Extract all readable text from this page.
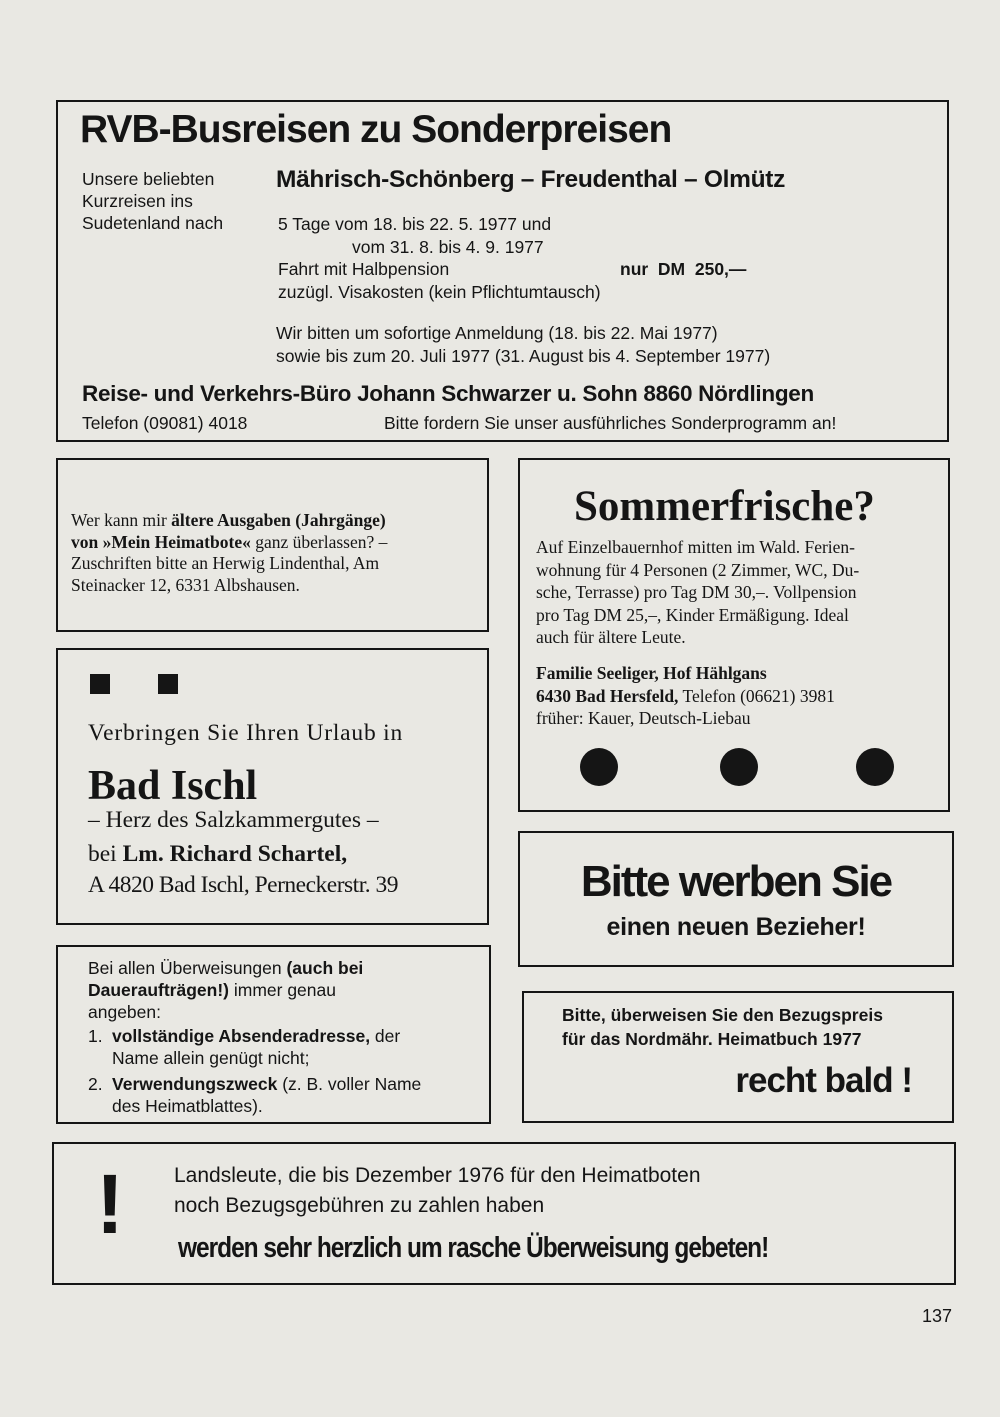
RVB-Busreisen zu Sonderpreisen
Unsere beliebten
Kurzreisen ins
Sudetenland nach
Mährisch-Schönberg – Freudenthal – Olmütz
5 Tage vom 18. bis 22. 5. 1977 und
vom 31. 8. bis 4. 9. 1977
Fahrt mit Halbpension	nur  DM  250,—
zuzügl. Visakosten (kein Pflichtumtausch)
Wir bitten um sofortige Anmeldung (18. bis 22. Mai 1977)
sowie bis zum 20. Juli 1977 (31. August bis 4. September 1977)
Reise- und Verkehrs-Büro Johann Schwarzer u. Sohn 8860 Nördlingen
Telefon (09081) 4018	Bitte fordern Sie unser ausführliches Sonderprogramm an!
Wer kann mir ältere Ausgaben (Jahrgänge)
von »Mein Heimatbote« ganz überlassen? –
Zuschriften bitte an Herwig Lindenthal, Am
Steinacker 12, 6331 Albshausen.
Sommerfrische?
Auf Einzelbauernhof mitten im Wald. Ferien-
wohnung für 4 Personen (2 Zimmer, WC, Du-
sche, Terrasse) pro Tag DM 30,–. Vollpension
pro Tag DM 25,–, Kinder Ermäßigung. Ideal
auch für ältere Leute.
Familie Seeliger, Hof Hählgans
6430 Bad Hersfeld, Telefon (06621) 3981
früher: Kauer, Deutsch-Liebau
Verbringen Sie Ihren Urlaub in
Bad Ischl
– Herz des Salzkammergutes –
bei Lm. Richard Schartel,
A 4820 Bad Ischl, Perneckerstr. 39	Bitte werben Sie
einen neuen Bezieher!
Bei allen Überweisungen (auch bei
Daueraufträgen!) immer genau
angeben:
1. vollständige Absenderadresse, der
Name allein genügt nicht;
2. Verwendungszweck (z. B. voller Name
des Heimatblattes).
Bitte, überweisen Sie den Bezugspreis
für das Nordmähr. Heimatbuch 1977
recht bald !
! Landsleute, die bis Dezember 1976 für den Heimatboten
noch Bezugsgebühren zu zahlen haben
werden sehr herzlich um rasche Überweisung gebeten!
137
